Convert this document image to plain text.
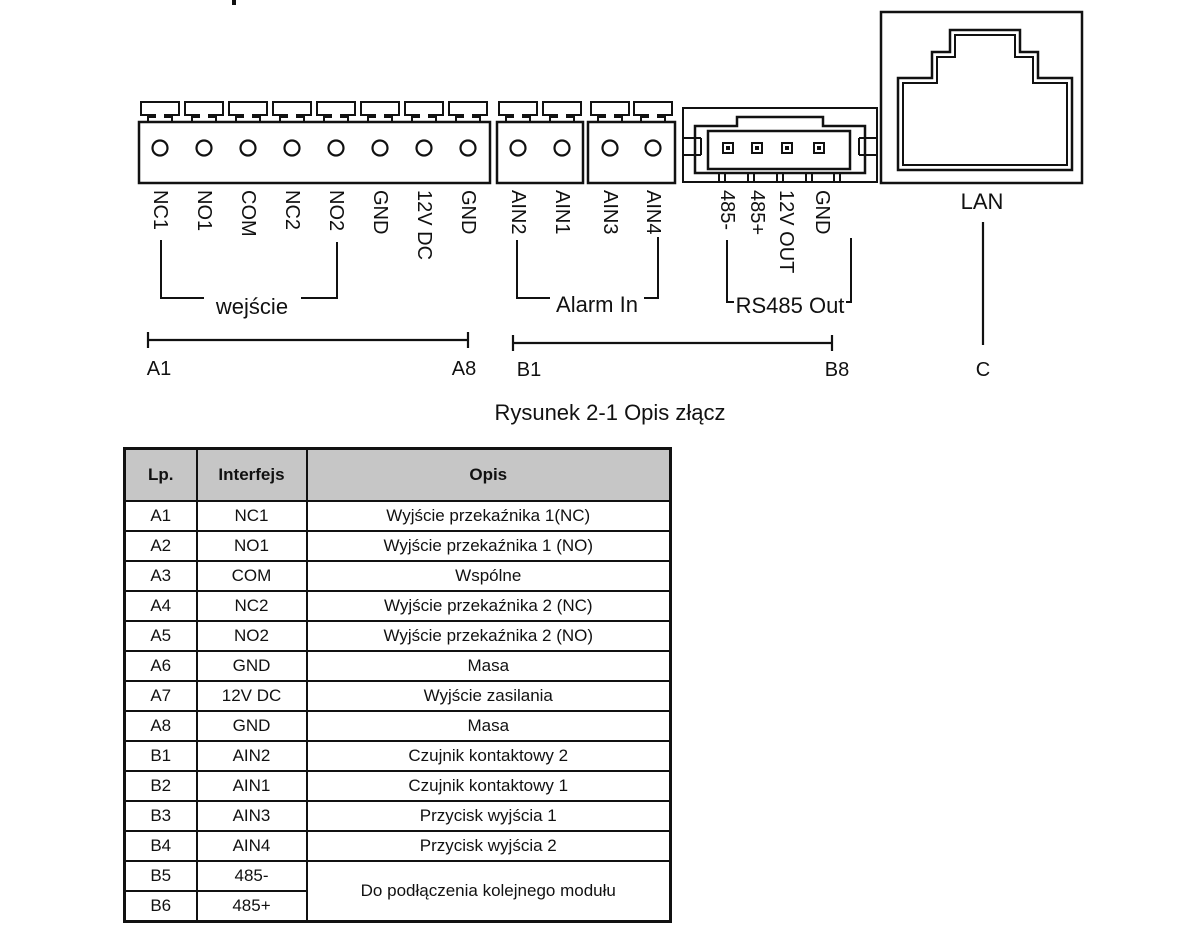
NC1 NO1 COM NC2 NO2 GND 12V DC GND AIN2 AIN1 AIN3 AIN4	485- 485+ 12V OUT GND
wejście	Alarm In	RS485 Out
A1	A8 B1	B8	C
LAN
Rysunek 2-1 Opis złącz
Lp.	Interfejs	Opis
A1	NC1	Wyjście przekaźnika 1(NC)
A2	NO1	Wyjście przekaźnika 1 (NO)
A3	COM	Wspólne
A4	NC2	Wyjście przekaźnika 2 (NC)
A5	NO2	Wyjście przekaźnika 2 (NO)
A6	GND	Masa
A7	12V DC	Wyjście zasilania
A8	GND	Masa
B1	AIN2	Czujnik kontaktowy 2
B2	AIN1	Czujnik kontaktowy 1
B3	AIN3	Przycisk wyjścia 1
B4	AIN4	Przycisk wyjścia 2
B5	485-	Do podłączenia kolejnego modułu
B6	485+	
